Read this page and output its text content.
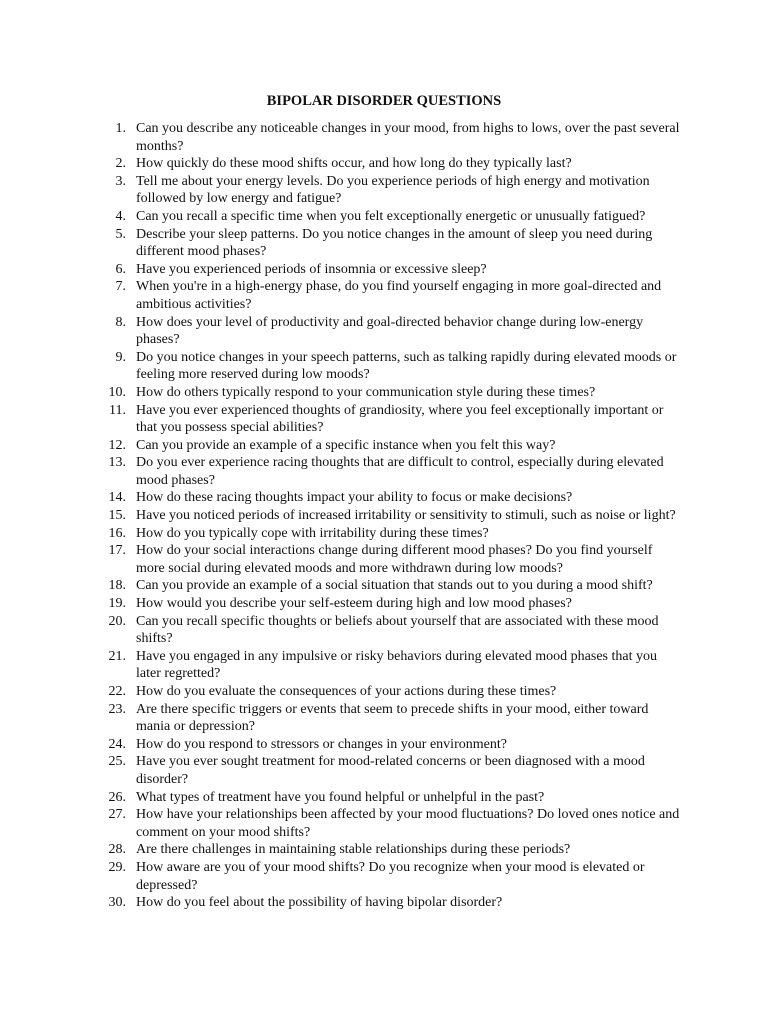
BIPOLAR DISORDER QUESTIONS
1. Can you describe any noticeable changes in your mood, from highs to lows, over the past several months?
2. How quickly do these mood shifts occur, and how long do they typically last?
3. Tell me about your energy levels. Do you experience periods of high energy and motivation followed by low energy and fatigue?
4. Can you recall a specific time when you felt exceptionally energetic or unusually fatigued?
5. Describe your sleep patterns. Do you notice changes in the amount of sleep you need during different mood phases?
6. Have you experienced periods of insomnia or excessive sleep?
7. When you're in a high-energy phase, do you find yourself engaging in more goal-directed and ambitious activities?
8. How does your level of productivity and goal-directed behavior change during low-energy phases?
9. Do you notice changes in your speech patterns, such as talking rapidly during elevated moods or feeling more reserved during low moods?
10. How do others typically respond to your communication style during these times?
11. Have you ever experienced thoughts of grandiosity, where you feel exceptionally important or that you possess special abilities?
12. Can you provide an example of a specific instance when you felt this way?
13. Do you ever experience racing thoughts that are difficult to control, especially during elevated mood phases?
14. How do these racing thoughts impact your ability to focus or make decisions?
15. Have you noticed periods of increased irritability or sensitivity to stimuli, such as noise or light?
16. How do you typically cope with irritability during these times?
17. How do your social interactions change during different mood phases? Do you find yourself more social during elevated moods and more withdrawn during low moods?
18. Can you provide an example of a social situation that stands out to you during a mood shift?
19. How would you describe your self-esteem during high and low mood phases?
20. Can you recall specific thoughts or beliefs about yourself that are associated with these mood shifts?
21. Have you engaged in any impulsive or risky behaviors during elevated mood phases that you later regretted?
22. How do you evaluate the consequences of your actions during these times?
23. Are there specific triggers or events that seem to precede shifts in your mood, either toward mania or depression?
24. How do you respond to stressors or changes in your environment?
25. Have you ever sought treatment for mood-related concerns or been diagnosed with a mood disorder?
26. What types of treatment have you found helpful or unhelpful in the past?
27. How have your relationships been affected by your mood fluctuations? Do loved ones notice and comment on your mood shifts?
28. Are there challenges in maintaining stable relationships during these periods?
29. How aware are you of your mood shifts? Do you recognize when your mood is elevated or depressed?
30. How do you feel about the possibility of having bipolar disorder?
